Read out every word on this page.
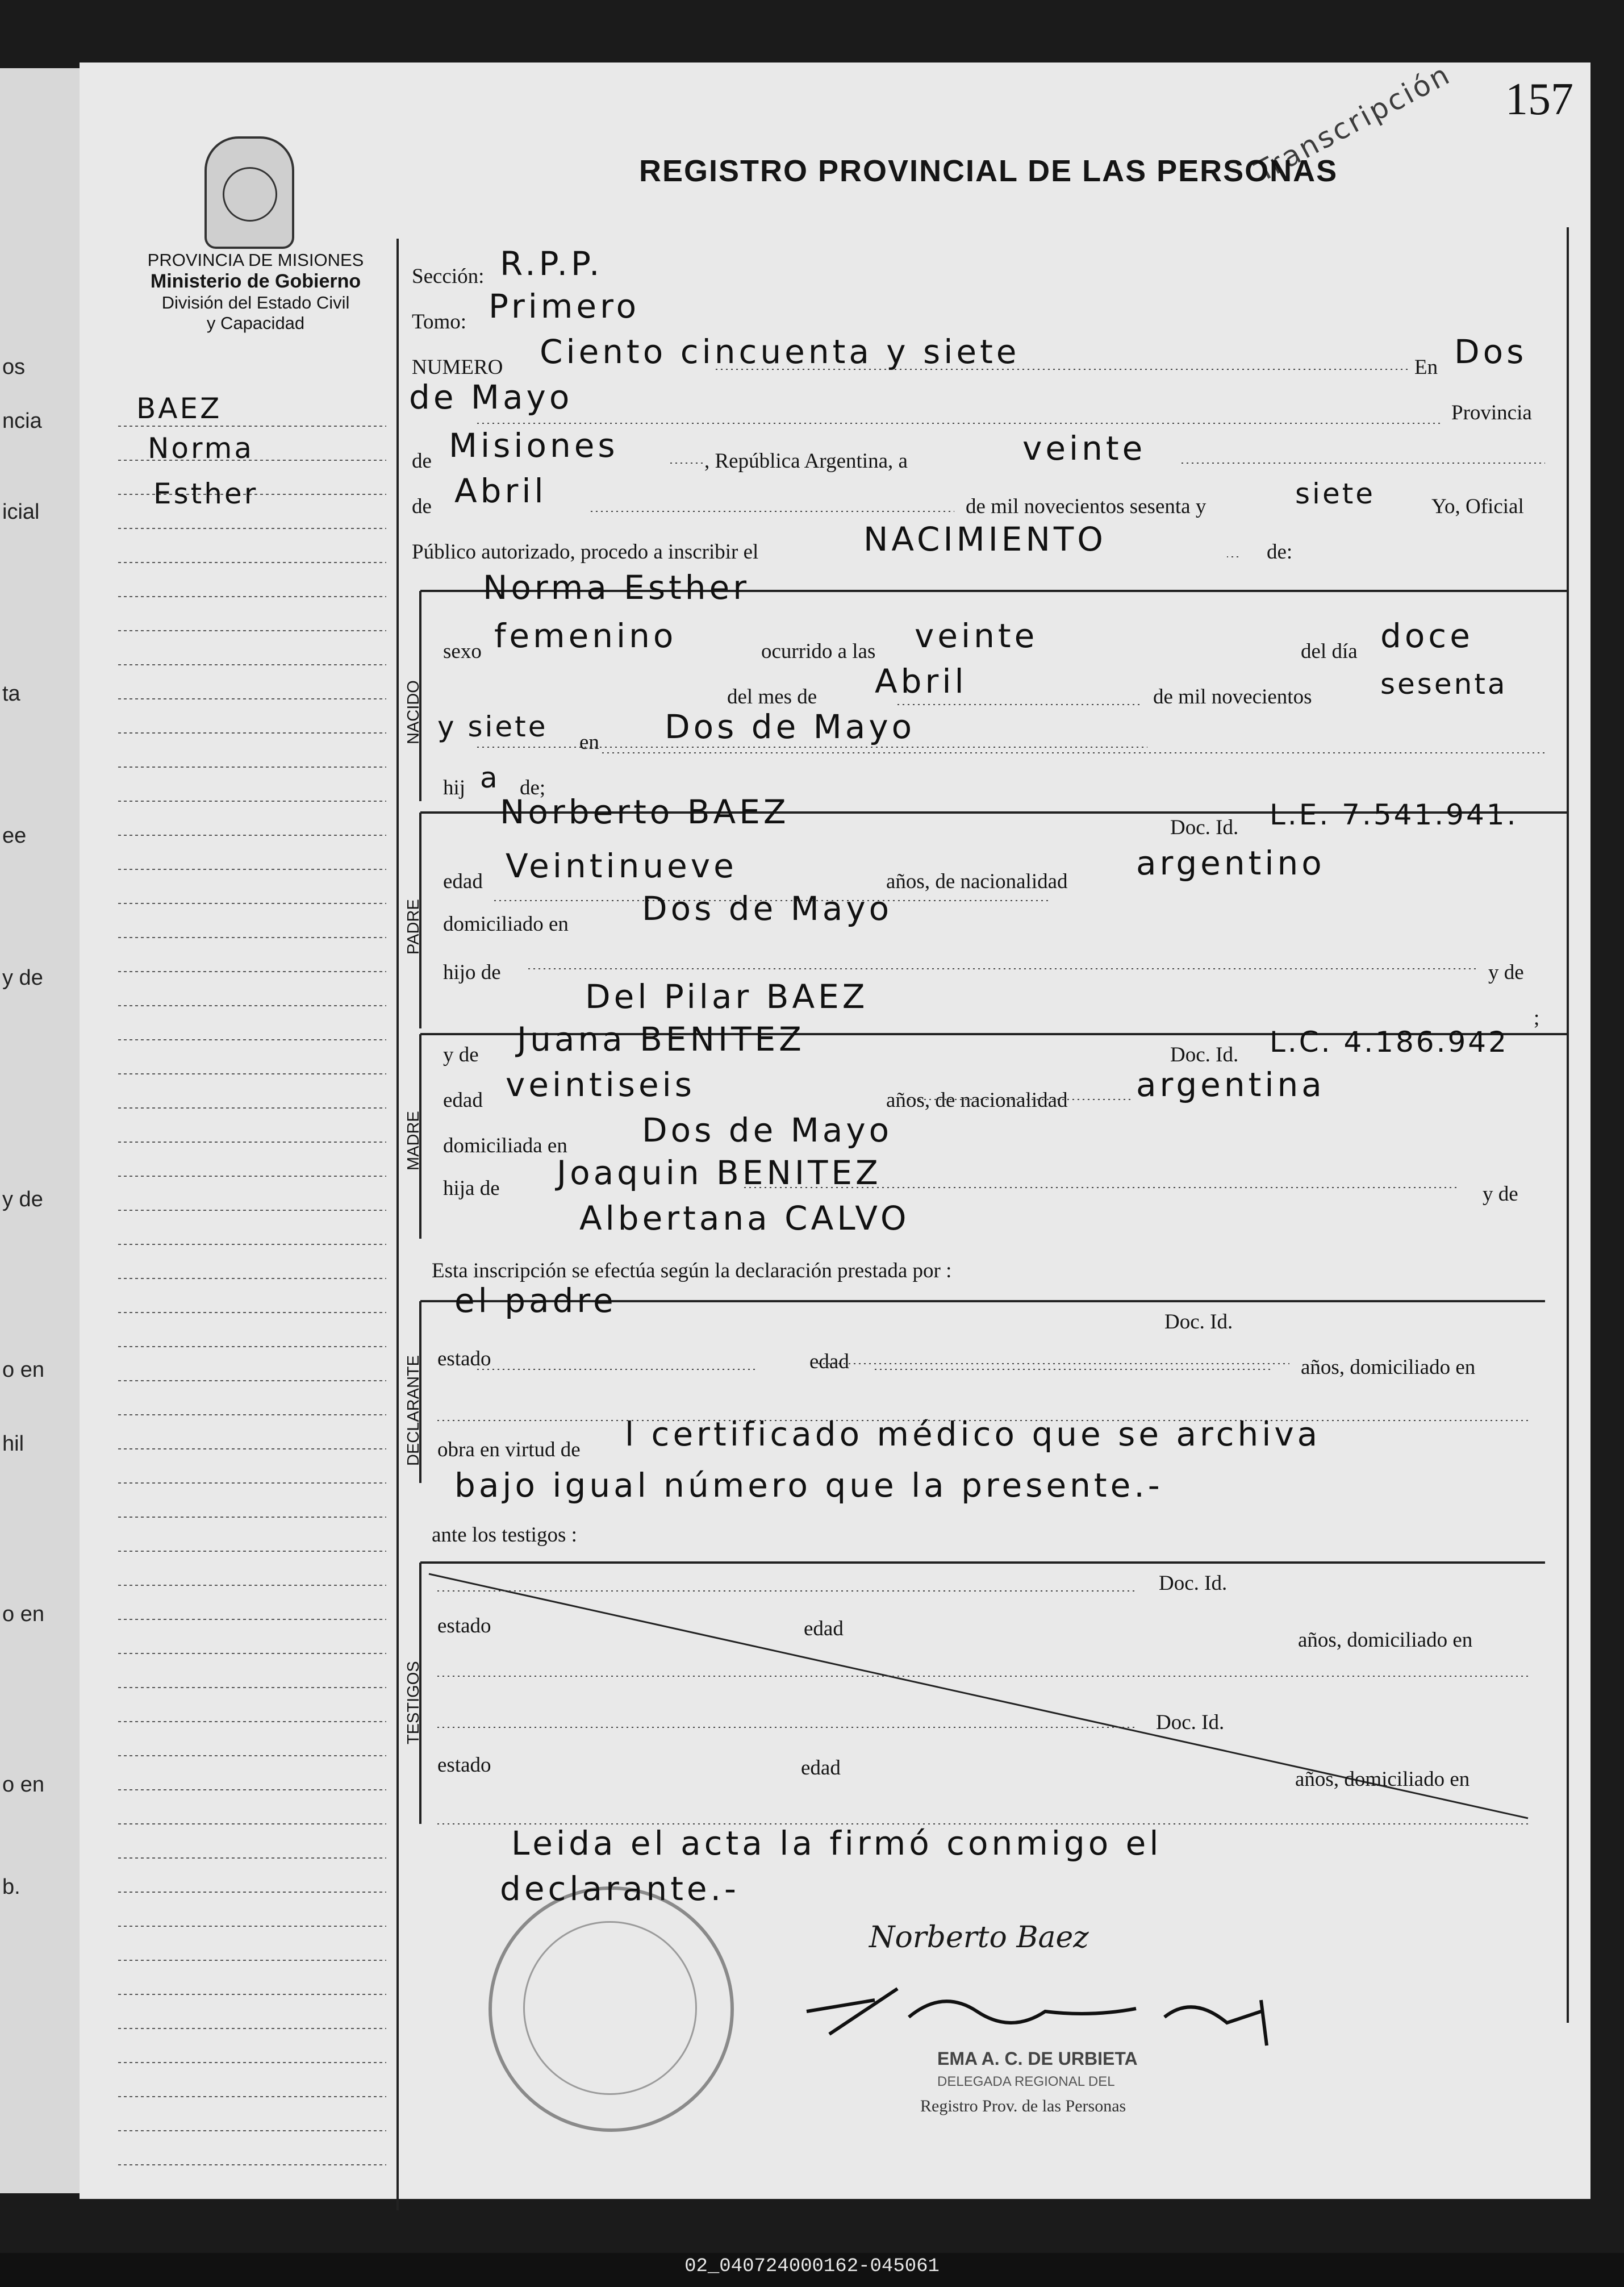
os
ncia
icial
ta
ee
y de
y de
o en
hil
o en
o en
b.
157
REGISTRO PROVINCIAL DE LAS PERSONAS
Transcripción
PROVINCIA DE MISIONES
Ministerio de Gobierno
División del Estado Civil
y Capacidad
BAEZ
Norma
Esther
NACIDO
PADRE
MADRE
DECLARANTE
TESTIGOS
Sección: R.P.P.
Tomo: Primero
NUMERO Ciento cincuenta y siete	En Dos
de Mayo	Provincia
de Misiones	, República Argentina, a	veinte
de Abril	de mil novecientos sesenta y	siete	Yo, Oficial
Público autorizado, procedo a inscribir el	NACIMIENTO	de:
Norma Esther
sexo femenino	ocurrido a las veinte	del día doce
del mes de Abril	de mil novecientos sesenta
y siete en Dos de Mayo
hij a de;
Norberto BAEZ	Doc. Id. L.E. 7.541.941.
edad Veintinueve	años, de nacionalidad argentino
domiciliado en Dos de Mayo
hijo de	y de
Del Pilar BAEZ
;
y de Juana BENITEZ	Doc. Id. L.C. 4.186.942
edad veintiseis	años, de nacionalidad argentina
domiciliada en Dos de Mayo
hija de Joaquin BENITEZ
y de
Albertana CALVO
Esta inscripción se efectúa según la declaración prestada por :
el padre
Doc. Id.
estado	edad	años, domiciliado en
obra en virtud de l certificado médico que se archiva
bajo igual número que la presente.-
ante los testigos :
Doc. Id.
estado	edad	años, domiciliado en
Doc. Id.
estado	edad	años, domiciliado en
Leida el acta la firmó conmigo el
declarante.-
Norberto Baez
EMA A. C. DE URBIETA
DELEGADA REGIONAL DEL
Registro Prov. de las Personas
02_040724000162-045061
